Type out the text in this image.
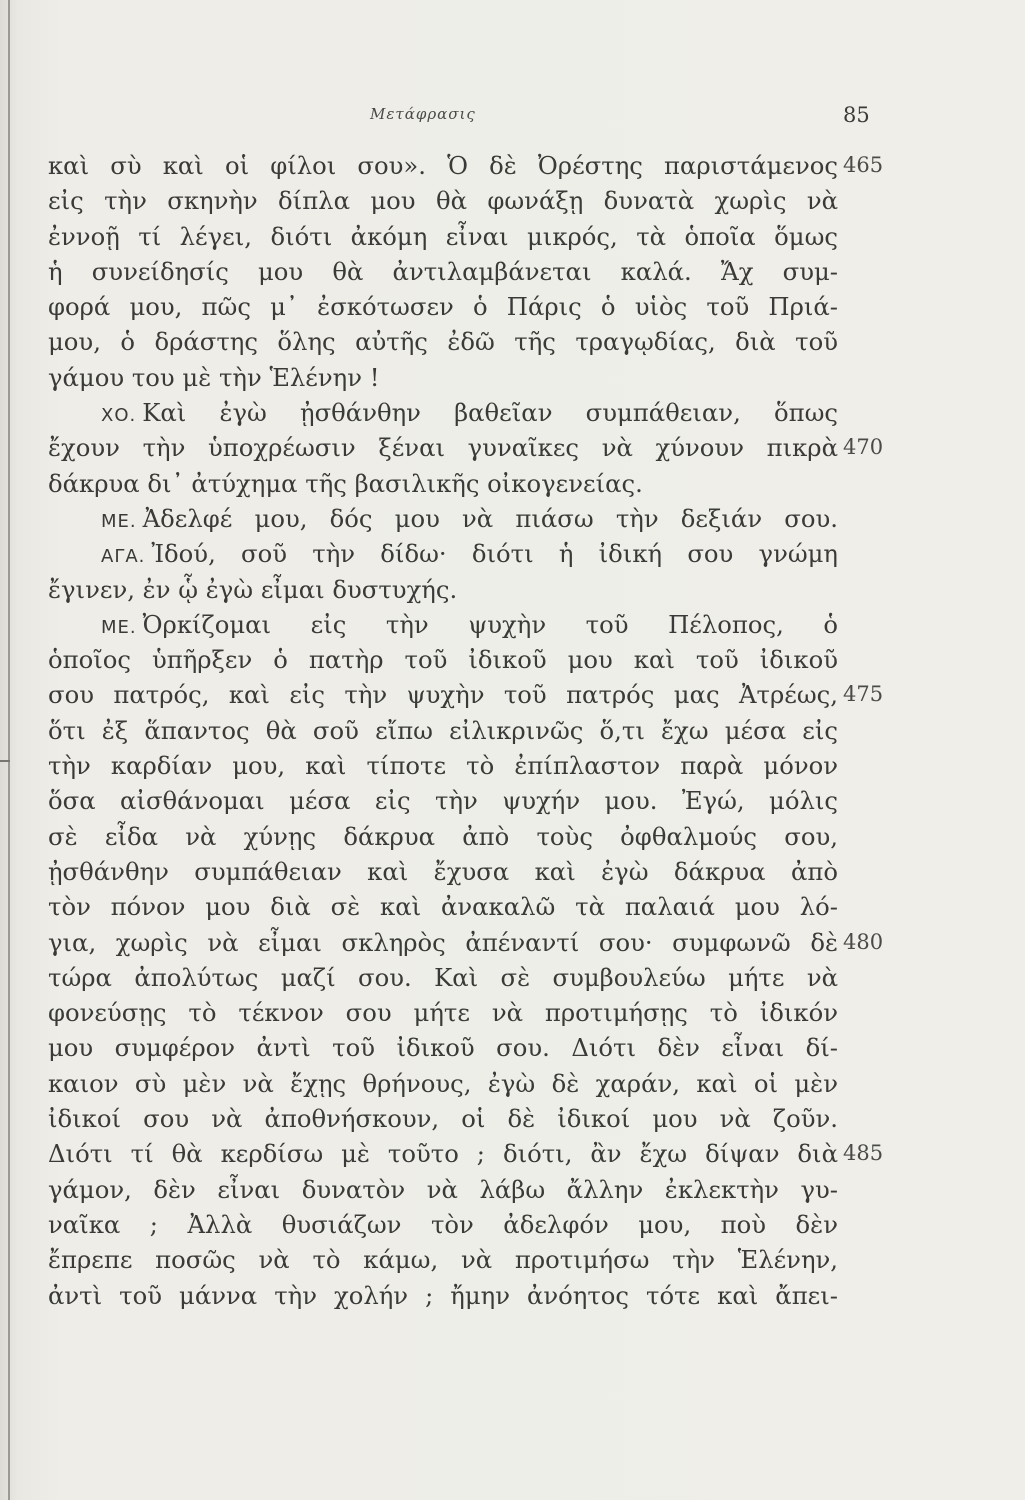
Μετάφρασις	85
καὶ σὺ καὶ οἱ φίλοι σου». Ὁ δὲ Ὀρέστης παριστάμενος 465
εἰς τὴν σκηνὴν δίπλα μου θὰ φωνάξῃ δυνατὰ χωρὶς νὰ
ἐννοῇ τί λέγει, διότι ἀκόμη εἶναι μικρός, τὰ ὁποῖα ὅμως
ἡ συνείδησίς μου θὰ ἀντιλαμβάνεται καλά. Ἄχ συμ-
φορά μου, πῶς μ᾽ ἐσκότωσεν ὁ Πάρις ὁ υἱὸς τοῦ Πριά-
μου, ὁ δράστης ὅλης αὐτῆς ἐδῶ τῆς τραγῳδίας, διὰ τοῦ
γάμου του μὲ τὴν Ἑλένην !
ΧΟ. Καὶ ἐγὼ ᾐσθάνθην βαθεῖαν συμπάθειαν, ὅπως
ἔχουν τὴν ὑποχρέωσιν ξέναι γυναῖκες νὰ χύνουν πικρὰ 470
δάκρυα δι᾽ ἀτύχημα τῆς βασιλικῆς οἰκογενείας.
ΜΕ. Ἀδελφέ μου, δός μου νὰ πιάσω τὴν δεξιάν σου.
ΑΓΑ. Ἰδού, σοῦ τὴν δίδω· διότι ἡ ἰδική σου γνώμη
ἔγινεν, ἐν ᾧ ἐγὼ εἶμαι δυστυχής.
ΜΕ. Ὀρκίζομαι εἰς τὴν ψυχὴν τοῦ Πέλοπος, ὁ
ὁποῖος ὑπῆρξεν ὁ πατὴρ τοῦ ἰδικοῦ μου καὶ τοῦ ἰδικοῦ
σου πατρός, καὶ εἰς τὴν ψυχὴν τοῦ πατρός μας Ἀτρέως, 475
ὅτι ἐξ ἅπαντος θὰ σοῦ εἴπω εἰλικρινῶς ὅ,τι ἔχω μέσα εἰς
τὴν καρδίαν μου, καὶ τίποτε τὸ ἐπίπλαστον παρὰ μόνον
ὅσα αἰσθάνομαι μέσα εἰς τὴν ψυχήν μου. Ἐγώ, μόλις
σὲ εἶδα νὰ χύνῃς δάκρυα ἀπὸ τοὺς ὀφθαλμούς σου,
ᾐσθάνθην συμπάθειαν καὶ ἔχυσα καὶ ἐγὼ δάκρυα ἀπὸ
τὸν πόνον μου διὰ σὲ καὶ ἀνακαλῶ τὰ παλαιά μου λό-
για, χωρὶς νὰ εἶμαι σκληρὸς ἀπέναντί σου· συμφωνῶ δὲ 480
τώρα ἀπολύτως μαζί σου. Καὶ σὲ συμβουλεύω μήτε νὰ
φονεύσῃς τὸ τέκνον σου μήτε νὰ προτιμήσῃς τὸ ἰδικόν
μου συμφέρον ἀντὶ τοῦ ἰδικοῦ σου. Διότι δὲν εἶναι δί-
καιον σὺ μὲν νὰ ἔχῃς θρήνους, ἐγὼ δὲ χαράν, καὶ οἱ μὲν
ἰδικοί σου νὰ ἀποθνήσκουν, οἱ δὲ ἰδικοί μου νὰ ζοῦν.
Διότι τί θὰ κερδίσω μὲ τοῦτο ; διότι, ἂν ἔχω δίψαν διὰ 485
γάμον, δὲν εἶναι δυνατὸν νὰ λάβω ἄλλην ἐκλεκτὴν γυ-
ναῖκα ; Ἀλλὰ θυσιάζων τὸν ἀδελφόν μου, ποὺ δὲν
ἔπρεπε ποσῶς νὰ τὸ κάμω, νὰ προτιμήσω τὴν Ἑλένην,
ἀντὶ τοῦ μάννα τὴν χολήν ; ἤμην ἀνόητος τότε καὶ ἄπει-
